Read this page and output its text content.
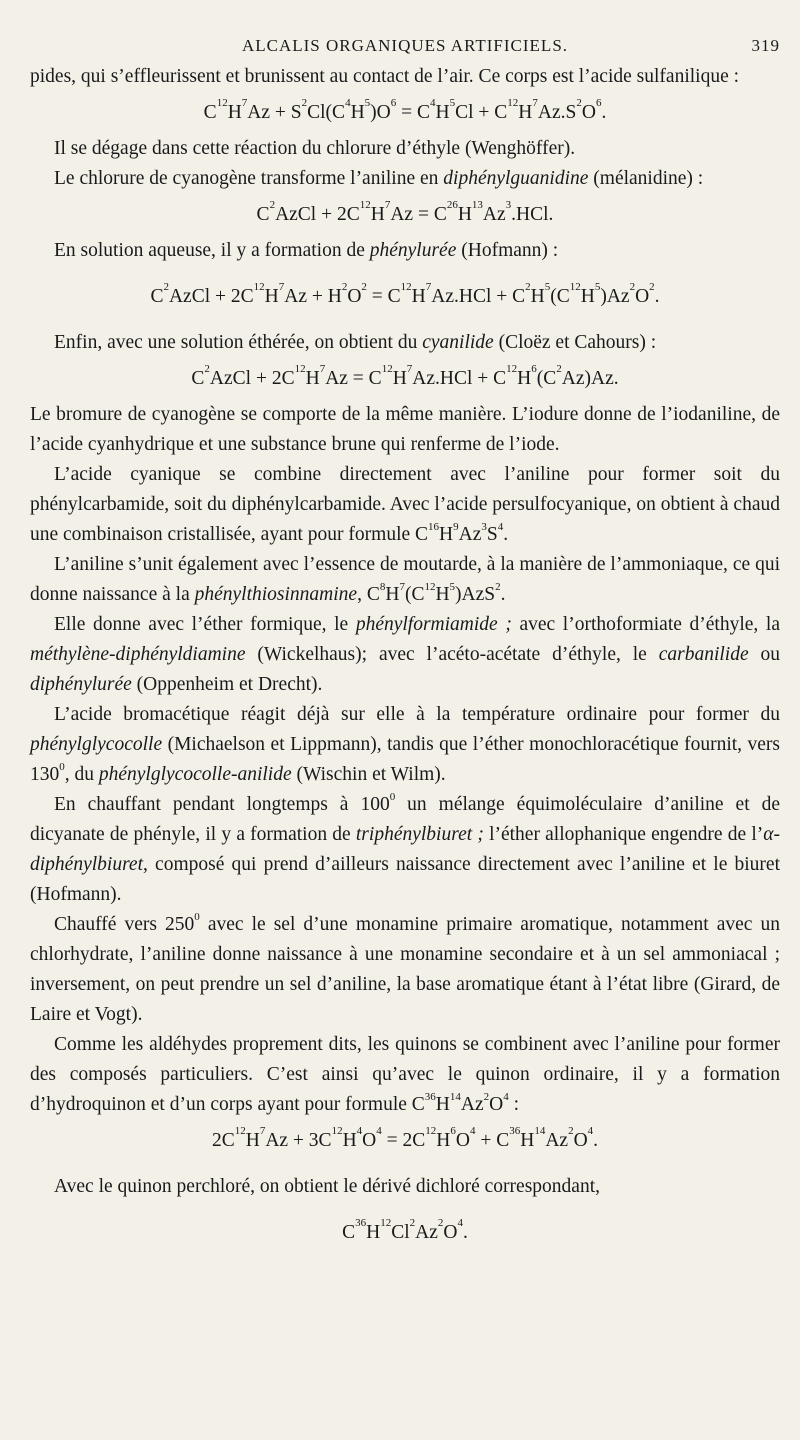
ALCALIS ORGANIQUES ARTIFICIELS.	319

pides, qui s’effleurissent et brunissent au contact de l’air. Ce corps est l’acide sulfanilique :

$C^{12}H^7Az + S^2Cl(C^4H^5)O^6 = C^4H^5Cl + C^{12}H^7Az.S^2O^6$.

Il se dégage dans cette réaction du chlorure d’éthyle (Wenghöffer).

Le chlorure de cyanogène transforme l’aniline en diphénylguanidine (mélanidine) :

$C^2AzCl + 2C^{12}H^7Az = C^{26}H^{13}Az^3.HCl$.

En solution aqueuse, il y a formation de phénylurée (Hofmann) :

$C^2AzCl + 2C^{12}H^7Az + H^2O^2 = C^{12}H^7Az.HCl + C^2H^5(C^{12}H^5)Az^2O^2$.

Enfin, avec une solution éthérée, on obtient du cyanilide (Cloëz et Cahours) :

$C^2AzCl + 2C^{12}H^7Az = C^{12}H^7Az.HCl + C^{12}H^6(C^2Az)Az$.

Le bromure de cyanogène se comporte de la même manière. L’iodure donne de l’iodaniline, de l’acide cyanhydrique et une substance brune qui renferme de l’iode.

L’acide cyanique se combine directement avec l’aniline pour former soit du phénylcarbamide, soit du diphénylcarbamide. Avec l’acide persulfocyanique, on obtient à chaud une combinaison cristallisée, ayant pour formule $C^{16}H^9Az^3S^4$.

L’aniline s’unit également avec l’essence de moutarde, à la manière de l’ammoniaque, ce qui donne naissance à la phénylthiosinnamine, $C^8H^7(C^{12}H^5)AzS^2$.

Elle donne avec l’éther formique, le phénylformiamide ; avec l’orthoformiate d’éthyle, la méthylène-diphényldiamine (Wickelhaus); avec l’acéto-acétate d’éthyle, le carbanilide ou diphénylurée (Oppenheim et Drecht).

L’acide bromacétique réagit déjà sur elle à la température ordinaire pour former du phénylglycocolle (Michaelson et Lippmann), tandis que l’éther monochloracétique fournit, vers $130^0$, du phénylglycocolle-anilide (Wischin et Wilm).

En chauffant pendant longtemps à $100^0$ un mélange équimoléculaire d’aniline et de dicyanate de phényle, il y a formation de triphénylbiuret ; l’éther allophanique engendre de l’α-diphénylbiuret, composé qui prend d’ailleurs naissance directement avec l’aniline et le biuret (Hofmann).

Chauffé vers $250^0$ avec le sel d’une monamine primaire aromatique, notamment avec un chlorhydrate, l’aniline donne naissance à une monamine secondaire et à un sel ammoniacal ; inversement, on peut prendre un sel d’aniline, la base aromatique étant à l’état libre (Girard, de Laire et Vogt).

Comme les aldéhydes proprement dits, les quinons se combinent avec l’aniline pour former des composés particuliers. C’est ainsi qu’avec le quinon ordinaire, il y a formation d’hydroquinon et d’un corps ayant pour formule $C^{36}H^{14}Az^2O^4$ :

$2C^{12}H^7Az + 3C^{12}H^4O^4 = 2C^{12}H^6O^4 + C^{36}H^{14}Az^2O^4$.

Avec le quinon perchloré, on obtient le dérivé dichloré correspondant,

$C^{36}H^{12}Cl^2Az^2O^4$.
